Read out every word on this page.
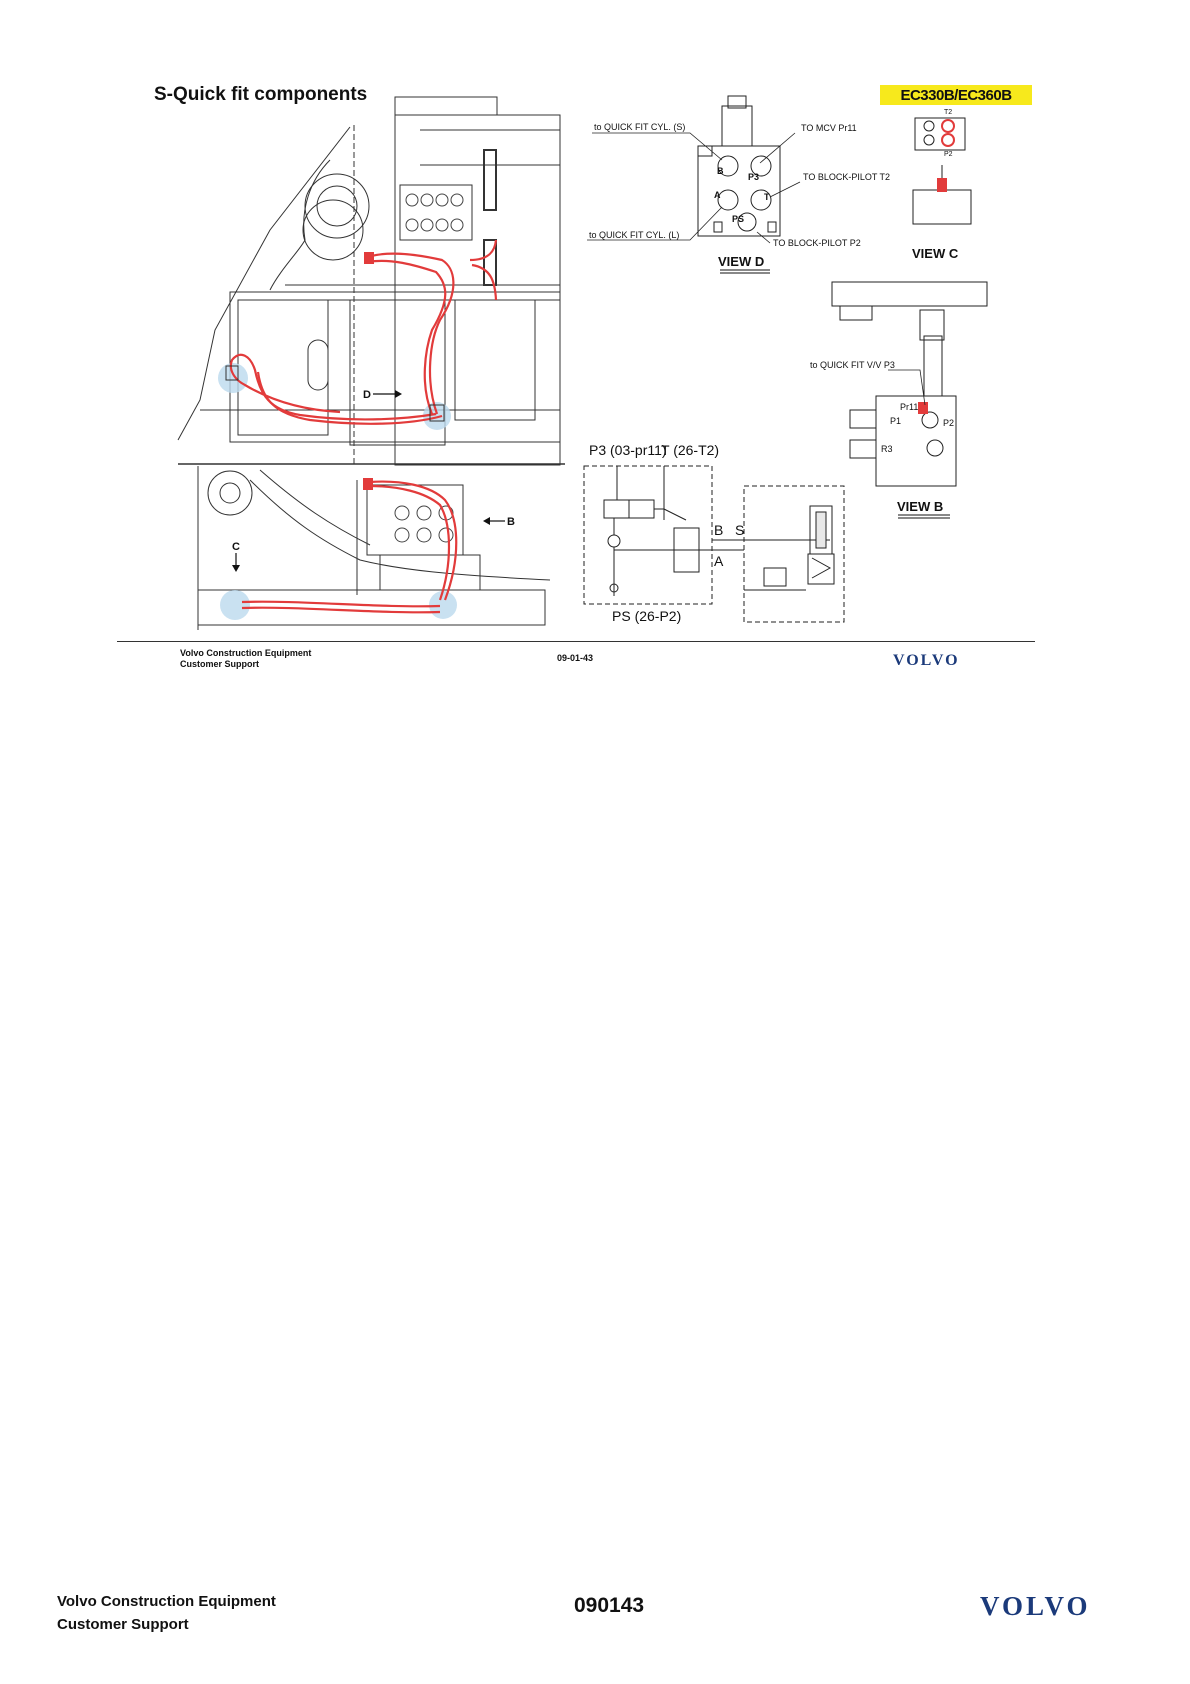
S-Quick fit components	EC330B/EC360B
D
B
C
B
P3
A	T
PS
to QUICK FIT CYL. (S)	TO MCV Pr11
TO BLOCK-PILOT T2
to QUICK FIT CYL. (L)
TO BLOCK-PILOT P2
VIEW D
T2
P2
VIEW C
to QUICK FIT V/V P3
Pr11
P1	P2
R3
VIEW B
P3 (03-pr11)
T (26-T2)
PS (26-P2)
B S
A
Volvo Construction Equipment
Customer Support
09-01-43	VOLVO
Volvo Construction Equipment
Customer Support
090143	VOLVO
